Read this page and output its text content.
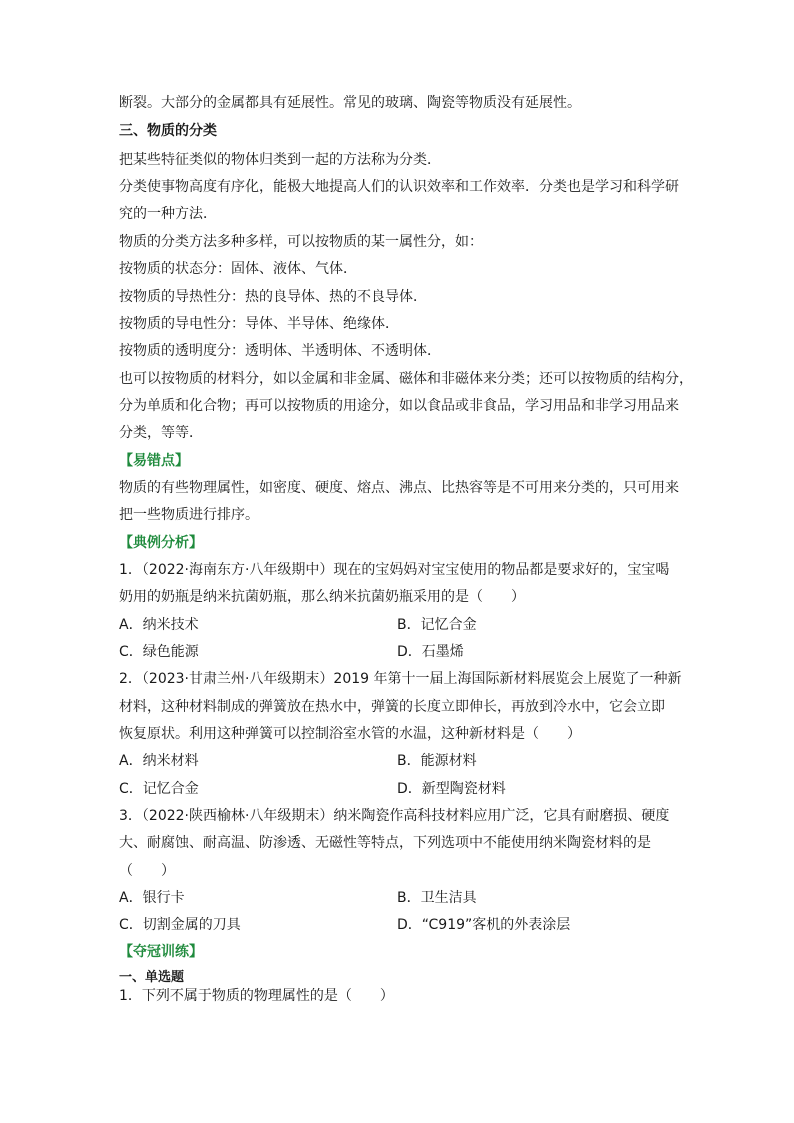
断裂。大部分的金属都具有延展性。常见的玻璃、陶瓷等物质没有延展性。
三、物质的分类
把某些特征类似的物体归类到一起的方法称为分类．
分类使事物高度有序化，能极大地提高人们的认识效率和工作效率．分类也是学习和科学研
究的一种方法．
物质的分类方法多种多样，可以按物质的某一属性分，如：
按物质的状态分：固体、液体、气体．
按物质的导热性分：热的良导体、热的不良导体．
按物质的导电性分：导体、半导体、绝缘体．
按物质的透明度分：透明体、半透明体、不透明体．
也可以按物质的材料分，如以金属和非金属、磁体和非磁体来分类；还可以按物质的结构分，
分为单质和化合物；再可以按物质的用途分，如以食品或非食品，学习用品和非学习用品来
分类，等等．
【易错点】
物质的有些物理属性，如密度、硬度、熔点、沸点、比热容等是不可用来分类的，只可用来
把一些物质进行排序。
【典例分析】
1．（2022·海南东方·八年级期中）现在的宝妈妈对宝宝使用的物品都是要求好的，宝宝喝
奶用的奶瓶是纳米抗菌奶瓶，那么纳米抗菌奶瓶采用的是（　　）
A．纳米技术	B．记忆合金
C．绿色能源	D．石墨烯
2．（2023·甘肃兰州·八年级期末）2019 年第十一届上海国际新材料展览会上展览了一种新
材料，这种材料制成的弹簧放在热水中，弹簧的长度立即伸长，再放到冷水中，它会立即
恢复原状。利用这种弹簧可以控制浴室水管的水温，这种新材料是（　　）
A．纳米材料	B．能源材料
C．记忆合金	D．新型陶瓷材料
3．（2022·陕西榆林·八年级期末）纳米陶瓷作高科技材料应用广泛，它具有耐磨损、硬度
大、耐腐蚀、耐高温、防渗透、无磁性等特点，下列选项中不能使用纳米陶瓷材料的是
（　　）
A．银行卡	B．卫生洁具
C．切割金属的刀具	D．“C919”客机的外表涂层
【夺冠训练】
一、单选题
1．下列不属于物质的物理属性的是（　　）
